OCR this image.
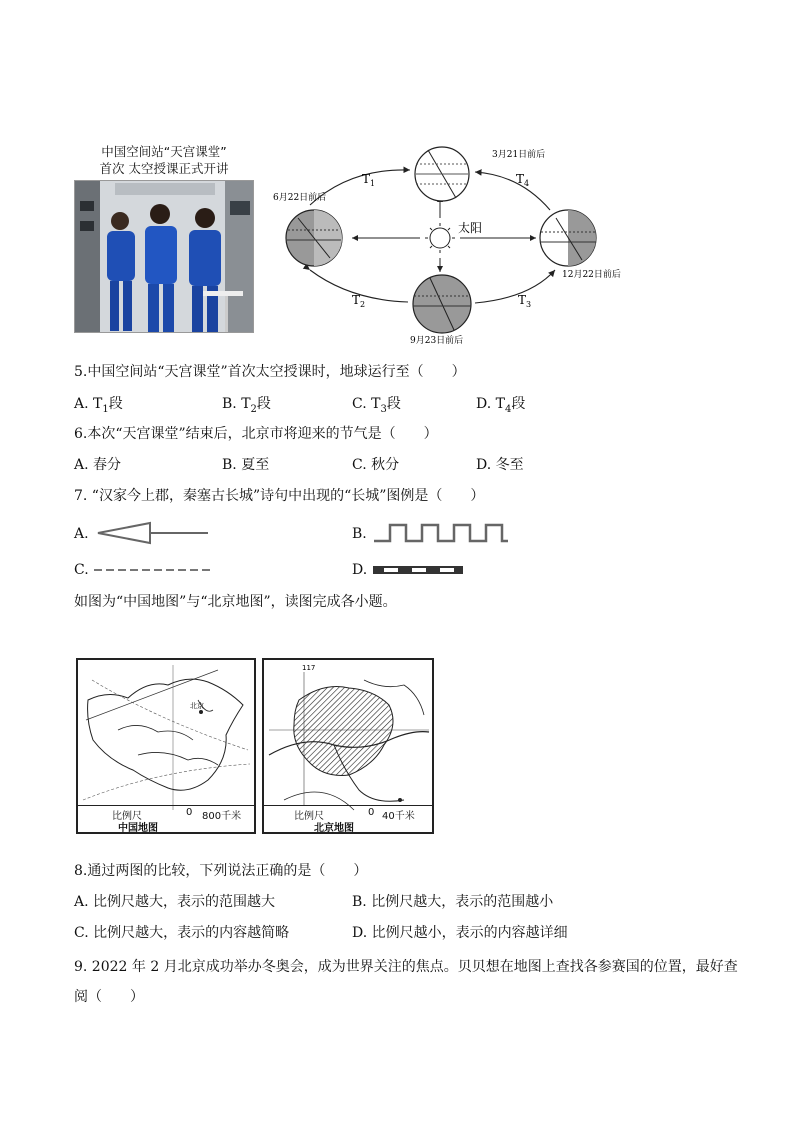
中国空间站“天宫课堂”
首次 太空授课正式开讲
太阳
3月21日前后
6月22日前后
12月22日前后
9月23日前后
$T_1$	$T_4$
$T_2$	$T_3$
5.中国空间站“天宫课堂”首次太空授课时，地球运行至（　　）
A. $T_1$段	B. $T_2$段	C. $T_3$段	D. $T_4$段
6.本次“天宫课堂”结束后，北京市将迎来的节气是（　　）
A. 春分	B. 夏至	C. 秋分	D. 冬至
7. “汉家今上郡，秦塞古长城”诗句中出现的“长城”图例是（　　）
A.	B.
C.	D.
如图为“中国地图”与“北京地图”，读图完成各小题。
北京
比例尺	0 800千米
中国地图
117
比例尺	0 40千米
北京地图
8.通过两图的比较，下列说法正确的是（　　）
A. 比例尺越大，表示的范围越大	B. 比例尺越大，表示的范围越小
C. 比例尺越大，表示的内容越简略	D. 比例尺越小，表示的内容越详细
9. 2022 年 2 月北京成功举办冬奥会，成为世界关注的焦点。贝贝想在地图上查找各参赛国的位置，最好查
阅（　　）
